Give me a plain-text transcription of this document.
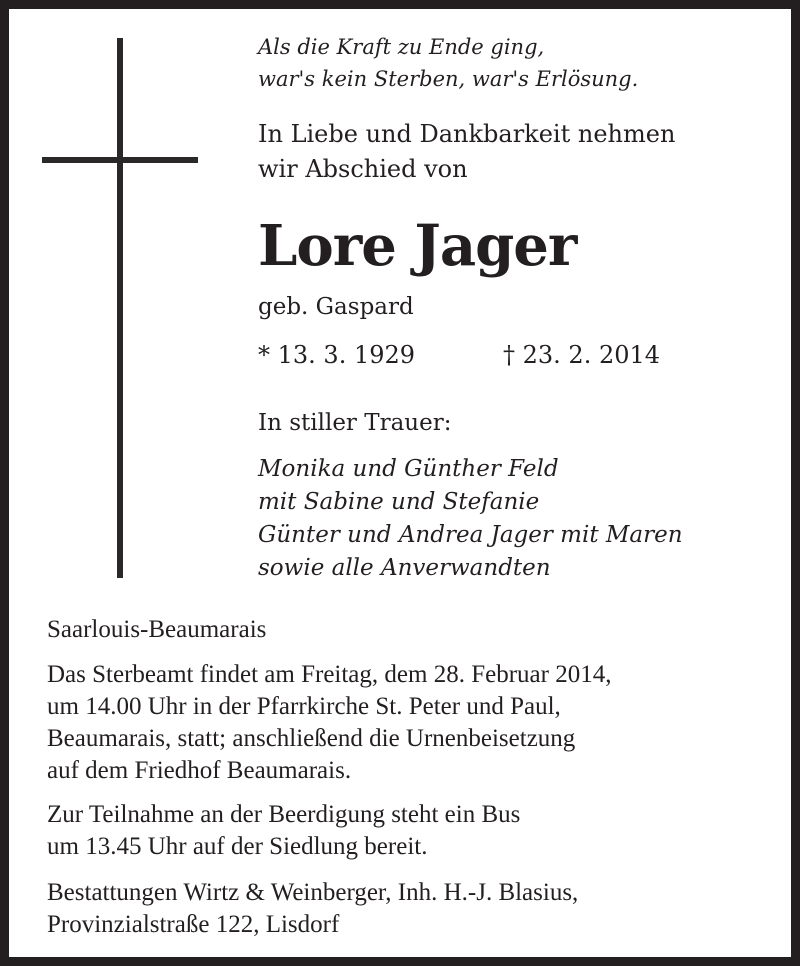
Als die Kraft zu Ende ging,
war's kein Sterben, war's Erlösung.
In Liebe und Dankbarkeit nehmen
wir Abschied von
Lore Jager
geb. Gaspard
* 13. 3. 1929	† 23. 2. 2014
In stiller Trauer:
Monika und Günther Feld
mit Sabine und Stefanie
Günter und Andrea Jager mit Maren
sowie alle Anverwandten
Saarlouis-Beaumarais
Das Sterbeamt findet am Freitag, dem 28. Februar 2014,
um 14.00 Uhr in der Pfarrkirche St. Peter und Paul,
Beaumarais, statt; anschließend die Urnenbeisetzung
auf dem Friedhof Beaumarais.
Zur Teilnahme an der Beerdigung steht ein Bus
um 13.45 Uhr auf der Siedlung bereit.
Bestattungen Wirtz & Weinberger, Inh. H.-J. Blasius,
Provinzialstraße 122, Lisdorf
